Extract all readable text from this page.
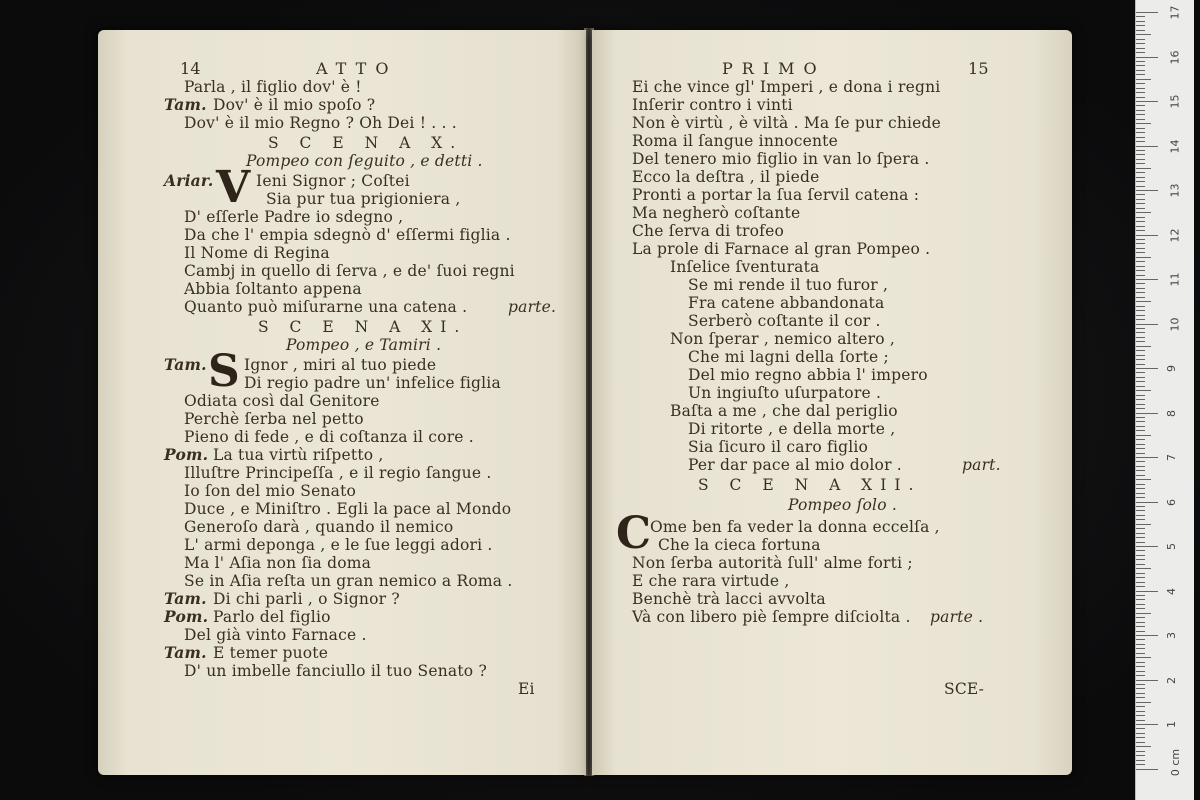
14	ATTO
Parla , il figlio dov' è !
Tam. Dov' è il mio spoſo ?
Dov' è il mio Regno ? Oh Dei ! . . .
S C E N A X.
Pompeo con ſeguito , e detti .
Ariar. V Ieni Signor ; Coſtei
Sia pur tua prigioniera ,
D' eſſerle Padre io sdegno ,
Da che l' empia sdegnò d' eſſermi figlia .
Il Nome di Regina
Cambj in quello di ſerva , e de' ſuoi regni
Abbia ſoltanto appena
Quanto può miſurarne una catena .	parte.
S C E N A XI.
Pompeo , e Tamiri .
Tam. S Ignor , miri al tuo piede
Di regio padre un' infelice figlia
Odiata così dal Genitore
Perchè ſerba nel petto
Pieno di fede , e di coſtanza il core .
Pom. La tua virtù riſpetto ,
Illuſtre Principeſſa , e il regio ſangue .
Io ſon del mio Senato
Duce , e Miniſtro . Egli la pace al Mondo
Generoſo darà , quando il nemico
L' armi deponga , e le ſue leggi adori .
Ma l' Aſia non ſia doma
Se in Aſia reſta un gran nemico a Roma .
Tam. Di chi parli , o Signor ?
Pom. Parlo del figlio
Del già vinto Farnace .
Tam. E temer puote
D' un imbelle fanciullo il tuo Senato ?
Ei
PRIMO	15
Ei che vince gl' Imperi , e dona i regni
Inſerir contro i vinti
Non è virtù , è viltà . Ma ſe pur chiede
Roma il ſangue innocente
Del tenero mio figlio in van lo ſpera .
Ecco la deſtra , il piede
Pronti a portar la ſua ſervil catena :
Ma negherò coſtante
Che ſerva di trofeo
La prole di Farnace al gran Pompeo .
Inſelice ſventurata
Se mi rende il tuo furor ,
Fra catene abbandonata
Serberò coſtante il cor .
Non ſperar , nemico altero ,
Che mi lagni della ſorte ;
Del mio regno abbia l' impero
Un ingiuſto uſurpatore .
Baſta a me , che dal periglio
Di ritorte , e della morte ,
Sia ſicuro il caro figlio
Per dar pace al mio dolor .	part.
S C E N A XII.
Pompeo ſolo .
C
Ome ben fa veder la donna eccelſa ,
Che la cieca fortuna
Non ſerba autorità ſull' alme forti ;
E che rara virtude ,
Benchè trà lacci avvolta
Và con libero piè ſempre diſciolta . parte .
SCE-
0 cm
17
16
15
14
13
12
11
10
9
8
7
6
5
4
3
2
1
